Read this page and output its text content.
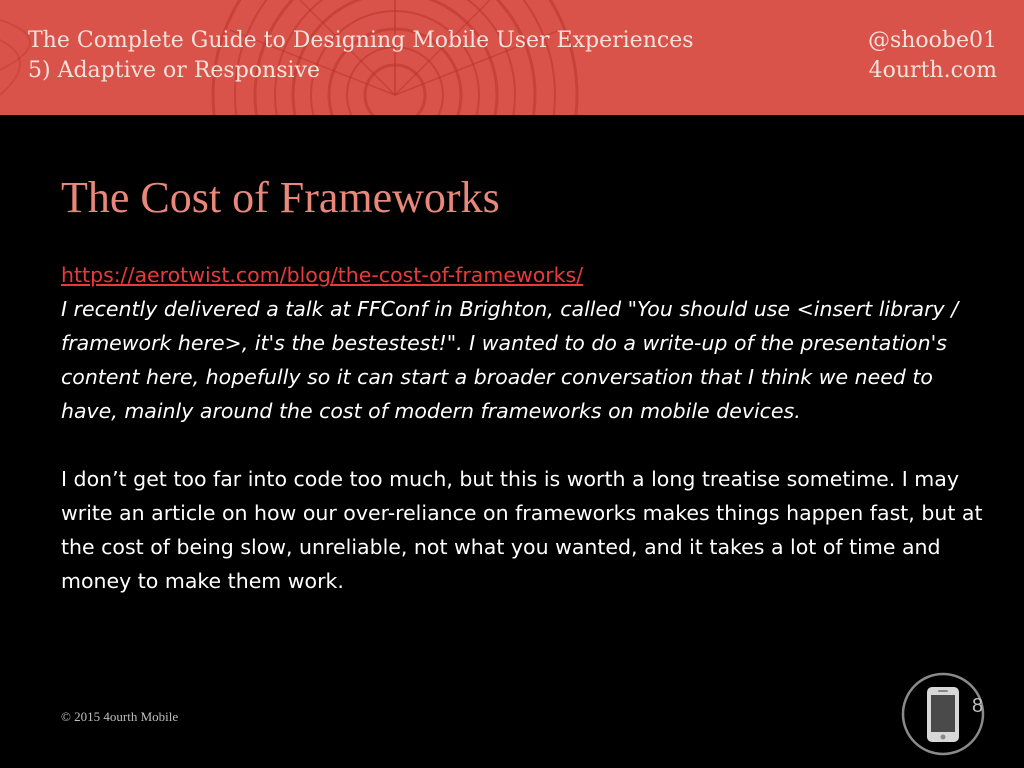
The Complete Guide to Designing Mobile User Experiences
5) Adaptive or Responsive
@shoobe01
4ourth.com
The Cost of Frameworks
https://aerotwist.com/blog/the-cost-of-frameworks/
I recently delivered a talk at FFConf in Brighton, called "You should use <insert library / framework here>, it's the bestestest!". I wanted to do a write-up of the presentation's content here, hopefully so it can start a broader conversation that I think we need to have, mainly around the cost of modern frameworks on mobile devices.
I don’t get too far into code too much, but this is worth a long treatise sometime. I may write an article on how our over-reliance on frameworks makes things happen fast, but at the cost of being slow, unreliable, not what you wanted, and it takes a lot of time and money to make them work.
© 2015 4ourth Mobile	8
